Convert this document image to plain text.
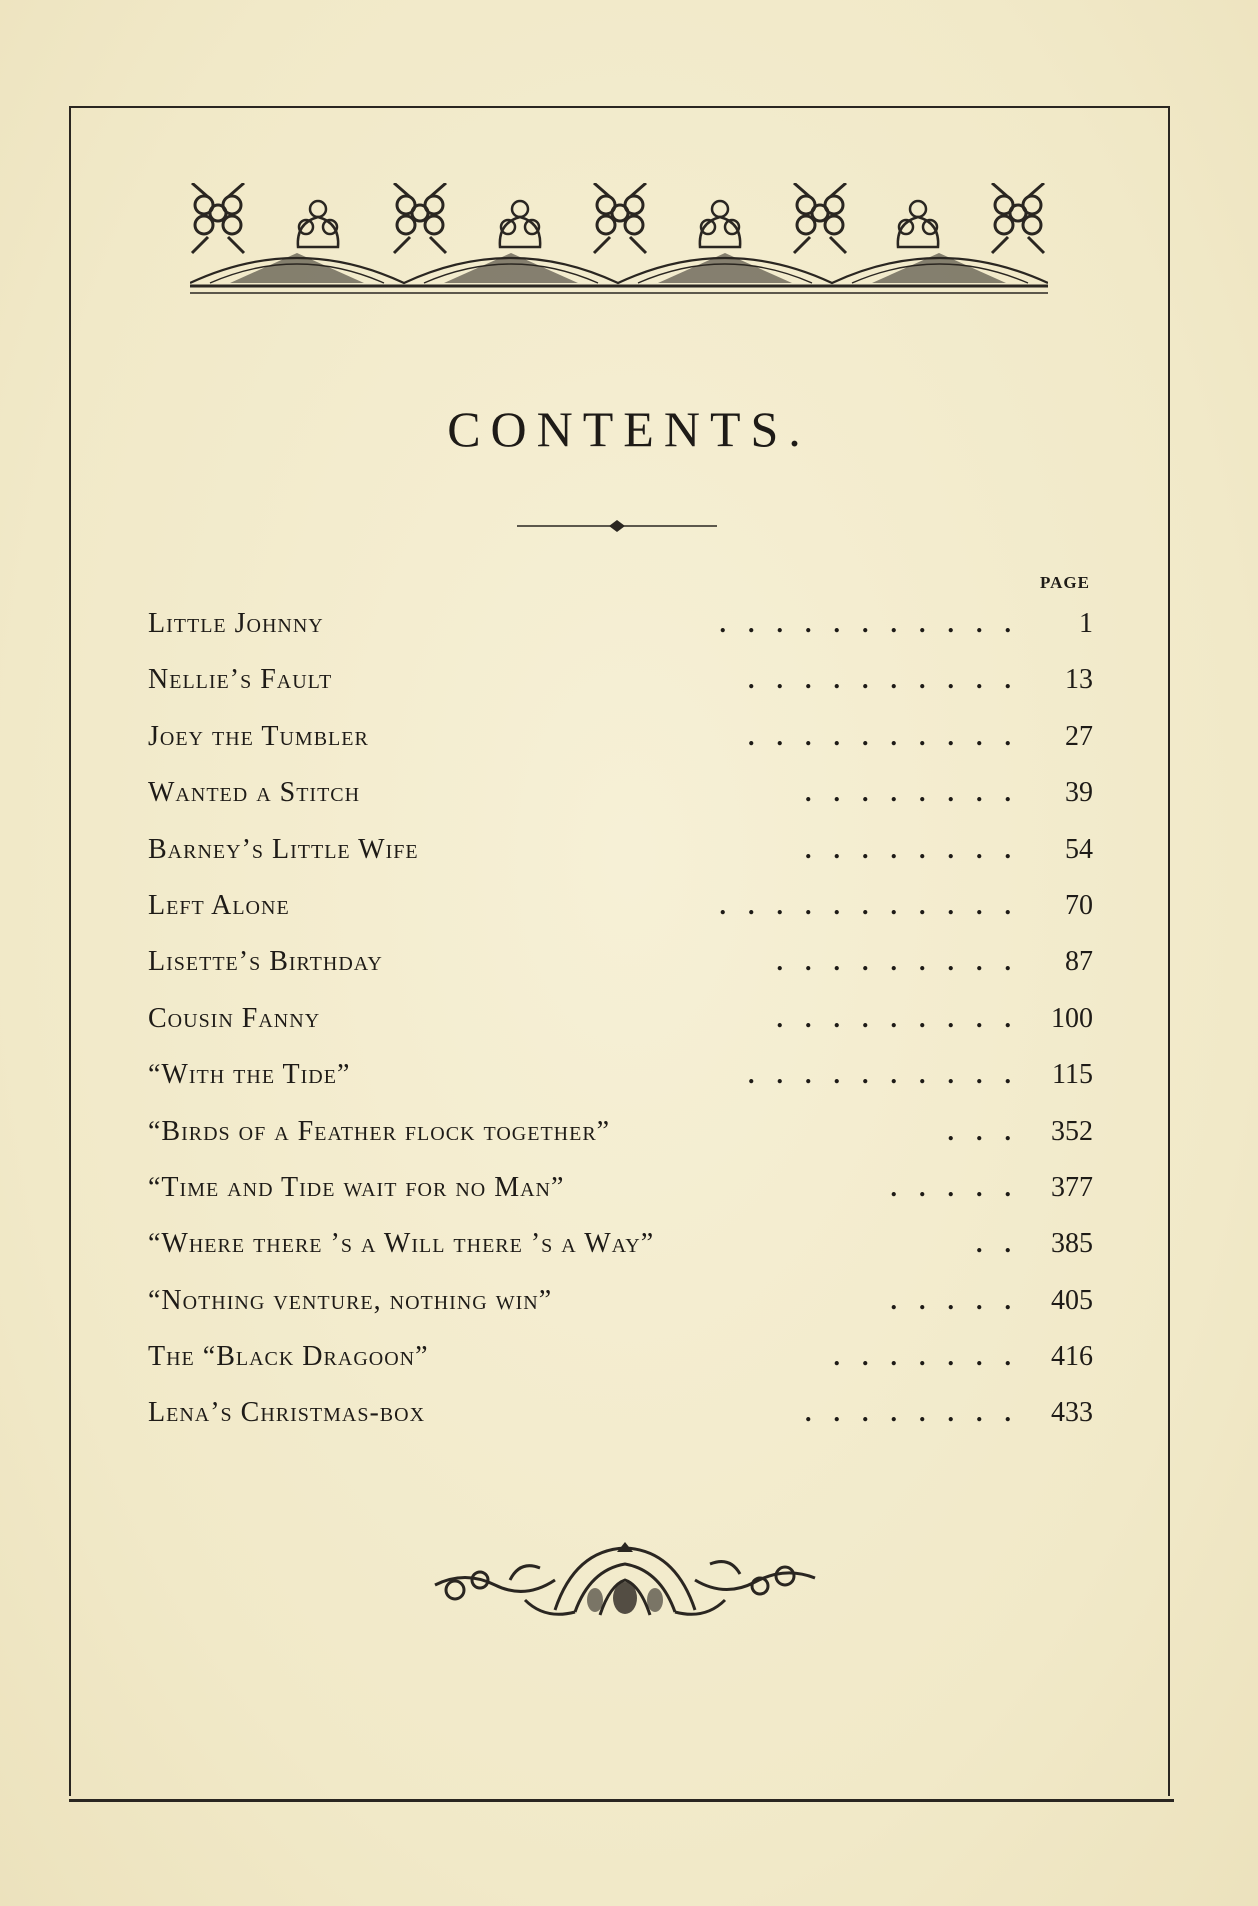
CONTENTS.
PAGE
Little Johnny	........... 1
Nellie’s Fault	.......... 13
Joey the Tumbler	.......... 27
Wanted a Stitch	........ 39
Barney’s Little Wife	........ 54
Left Alone	........... 70
Lisette’s Birthday	......... 87
Cousin Fanny	......... 100
“With the Tide”	.......... 115
“Birds of a Feather flock together”	... 352
“Time and Tide wait for no Man”	..... 377
“Where there ’s a Will there ’s a Way”	.. 385
“Nothing venture, nothing win”	..... 405
The “Black Dragoon”	....... 416
Lena’s Christmas-box	........ 433
